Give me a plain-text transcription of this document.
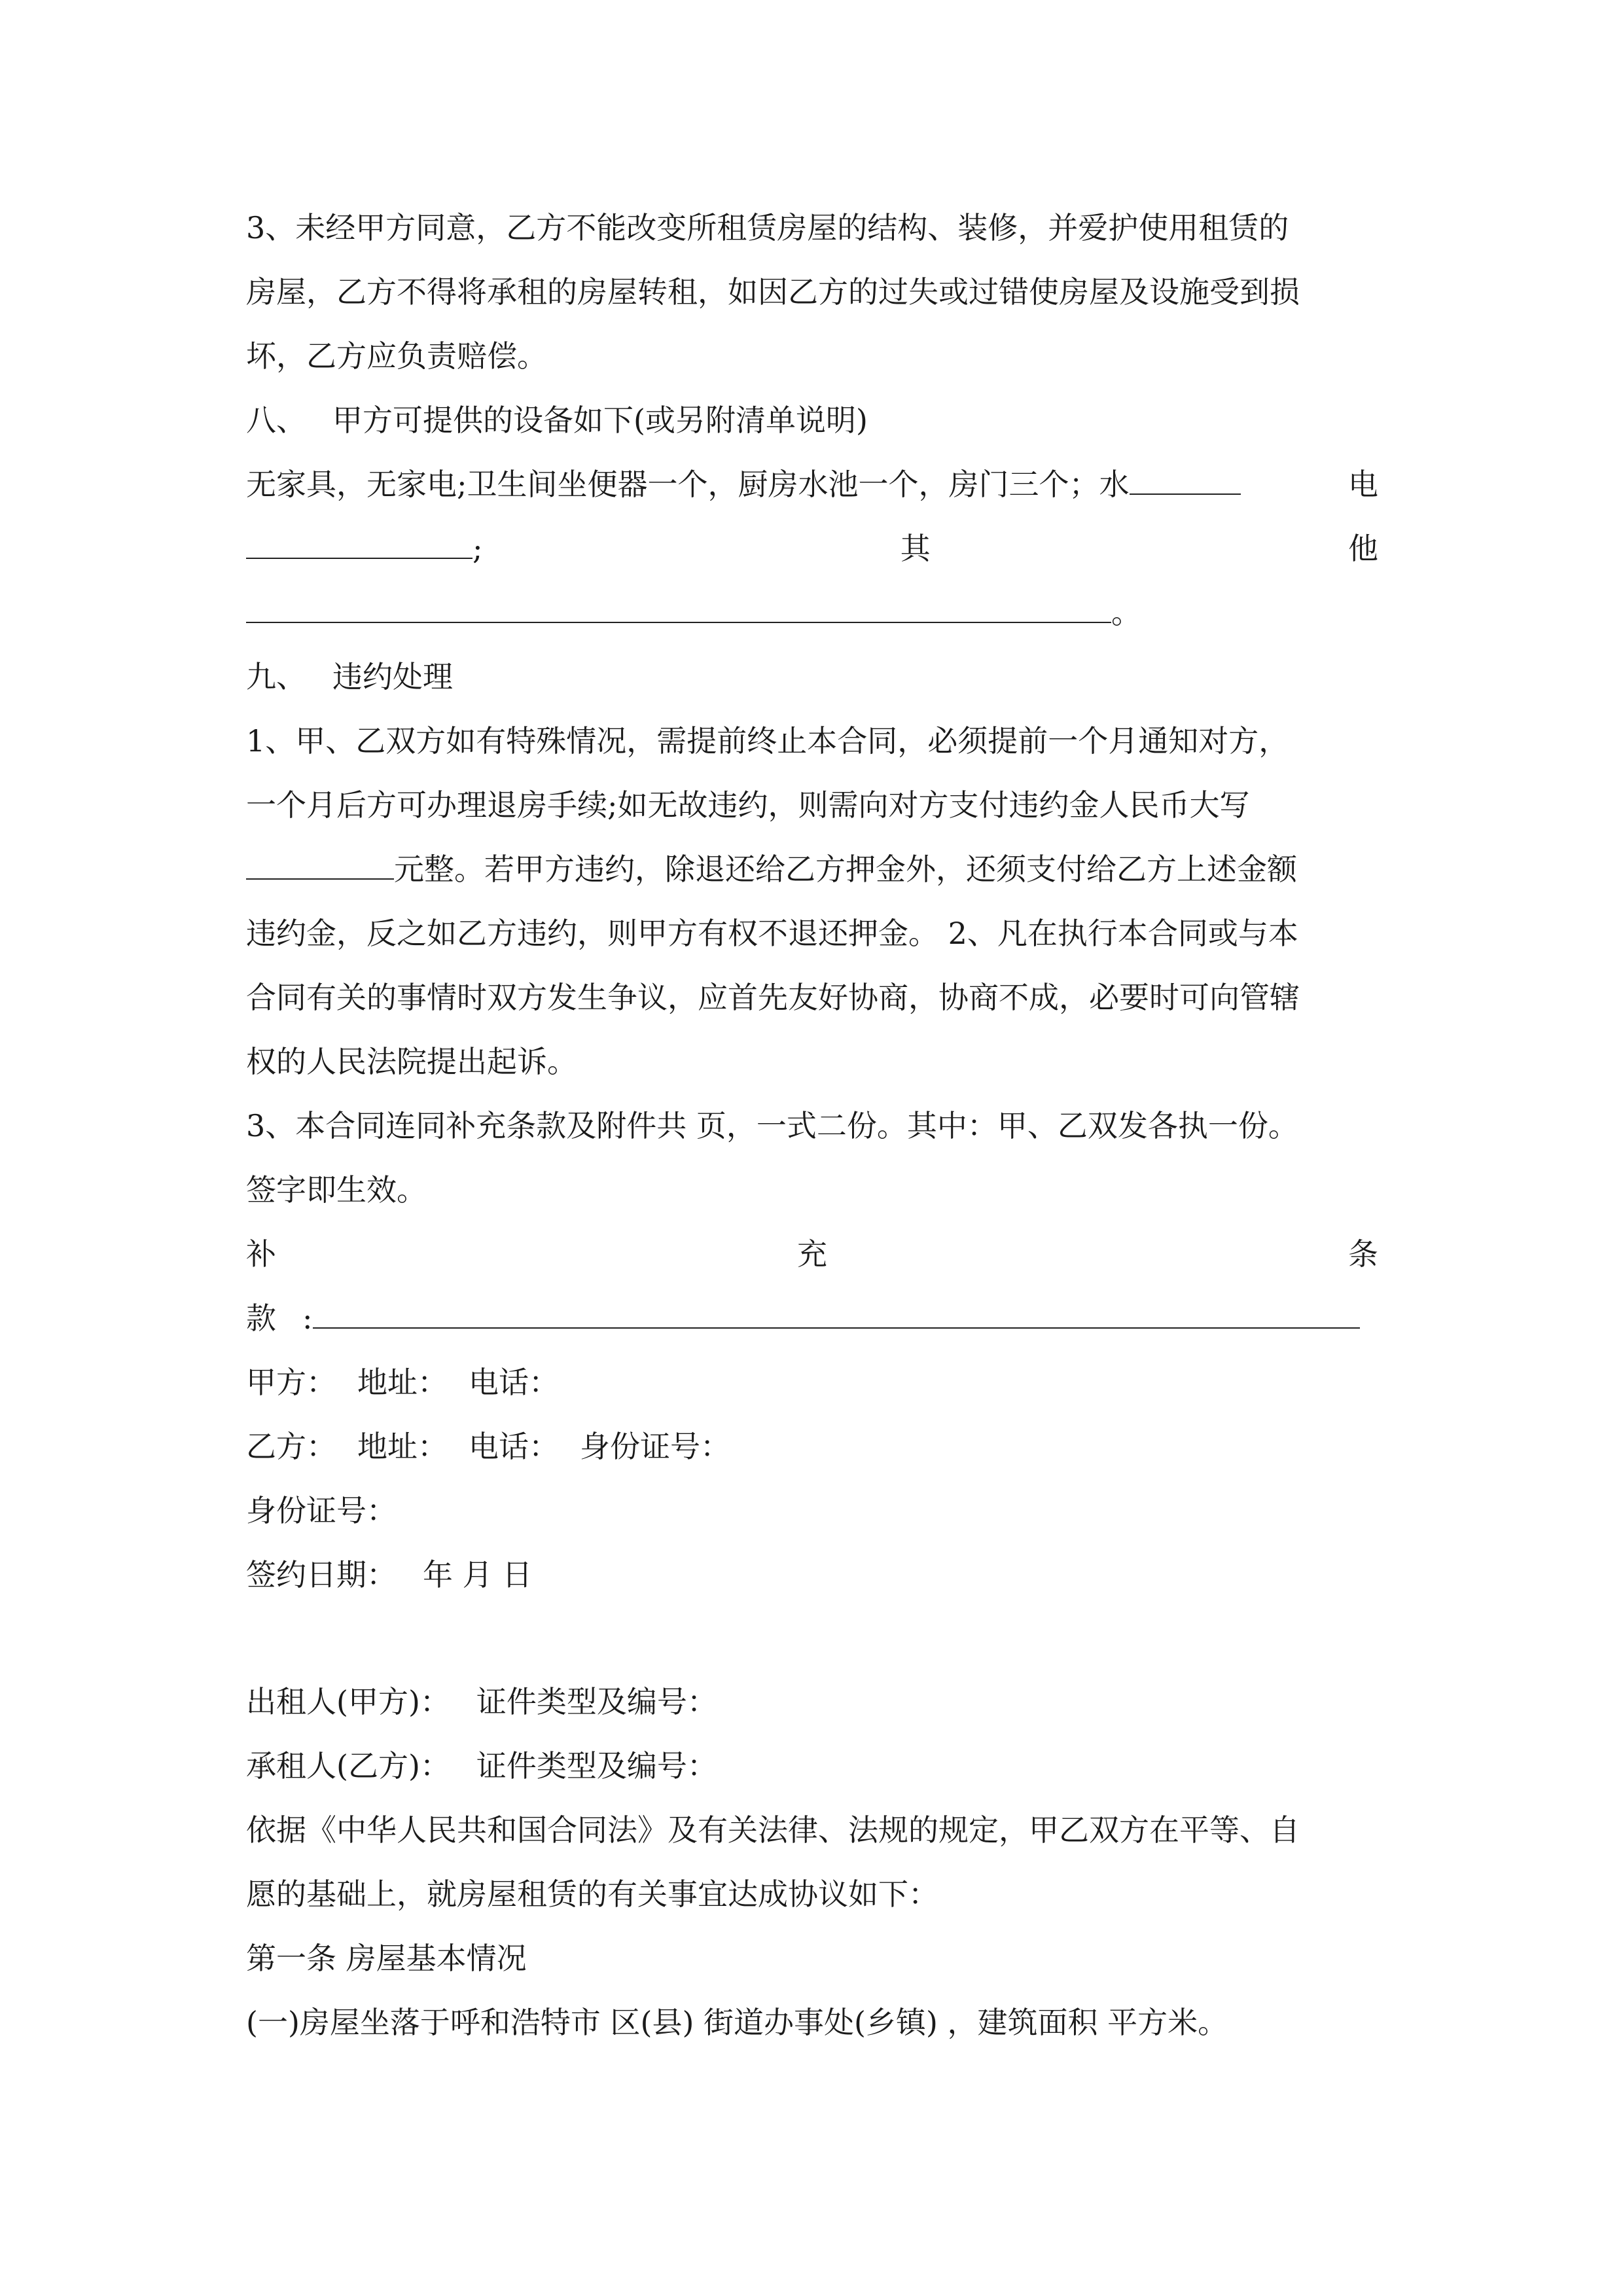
3、未经甲方同意，乙方不能改变所租赁房屋的结构、装修，并爱护使用租赁的
房屋，乙方不得将承租的房屋转租，如因乙方的过失或过错使房屋及设施受到损
坏，乙方应负责赔偿。
八、 甲方可提供的设备如下(或另附清单说明)
无家具，无家电;卫生间坐便器一个，厨房水池一个，房门三个；水	电
;	其	他
。
九、 违约处理
1、甲、乙双方如有特殊情况，需提前终止本合同，必须提前一个月通知对方，
一个月后方可办理退房手续;如无故违约，则需向对方支付违约金人民币大写
元整。若甲方违约，除退还给乙方押金外，还须支付给乙方上述金额
违约金，反之如乙方违约，则甲方有权不退还押金。 2、凡在执行本合同或与本
合同有关的事情时双方发生争议，应首先友好协商，协商不成，必要时可向管辖
权的人民法院提出起诉。
3、本合同连同补充条款及附件共 页，一式二份。其中：甲、乙双发各执一份。
签字即生效。
补	充	条
款 :
甲方： 地址： 电话：
乙方： 地址： 电话： 身份证号：
身份证号：
签约日期： 年 月 日
出租人(甲方)： 证件类型及编号：
承租人(乙方)： 证件类型及编号：
依据《中华人民共和国合同法》及有关法律、法规的规定，甲乙双方在平等、自
愿的基础上，就房屋租赁的有关事宜达成协议如下：
第一条 房屋基本情况
(一)房屋坐落于呼和浩特市 区(县) 街道办事处(乡镇) ，建筑面积 平方米。
